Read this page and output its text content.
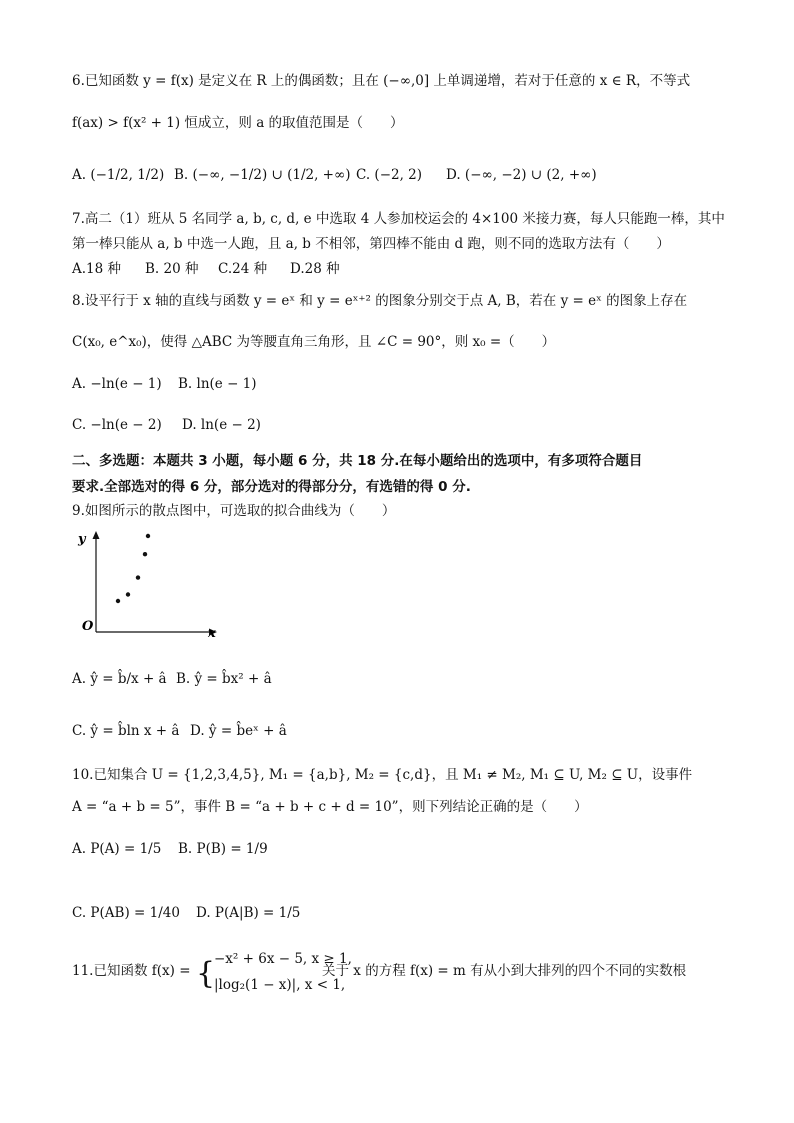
6.已知函数 y = f(x) 是定义在 R 上的偶函数；且在 (−∞,0] 上单调递增，若对于任意的 x ∈ R，不等式
f(ax) > f(x² + 1) 恒成立，则 a 的取值范围是（　　）
A. (−1/2, 1/2) B. (−∞, −1/2) ∪ (1/2, +∞) C. (−2, 2) D. (−∞, −2) ∪ (2, +∞)
7.高二（1）班从 5 名同学 a, b, c, d, e 中选取 4 人参加校运会的 4×100 米接力赛，每人只能跑一棒，其中
第一棒只能从 a, b 中选一人跑，且 a, b 不相邻，第四棒不能由 d 跑，则不同的选取方法有（　　）
A.18 种 B. 20 种 C.24 种 D.28 种
8.设平行于 x 轴的直线与函数 y = eˣ 和 y = eˣ⁺² 的图象分别交于点 A, B，若在 y = eˣ 的图象上存在
C(x₀, e^x₀)，使得 △ABC 为等腰直角三角形，且 ∠C = 90°，则 x₀ =（　　）
A. −ln(e − 1) B. ln(e − 1)
C. −ln(e − 2) D. ln(e − 2)
二、多选题：本题共 3 小题，每小题 6 分，共 18 分.在每小题给出的选项中，有多项符合题目
要求.全部选对的得 6 分，部分选对的得部分分，有选错的得 0 分.
9.如图所示的散点图中，可选取的拟合曲线为（　　）
y
x
O
A. ŷ = b̂/x + â B. ŷ = b̂x² + â
C. ŷ = b̂ln x + â D. ŷ = b̂eˣ + â
10.已知集合 U = {1,2,3,4,5}, M₁ = {a,b}, M₂ = {c,d}，且 M₁ ≠ M₂, M₁ ⊆ U, M₂ ⊆ U，设事件
A = “a + b = 5”，事件 B = “a + b + c + d = 10”，则下列结论正确的是（　　）
A. P(A) = 1/5 B. P(B) = 1/9
C. P(AB) = 1/40 D. P(A|B) = 1/5
11.已知函数 f(x) = {
−x² + 6x − 5, x ≥ 1,
|log₂(1 − x)|, x < 1,
关于 x 的方程 f(x) = m 有从小到大排列的四个不同的实数根
